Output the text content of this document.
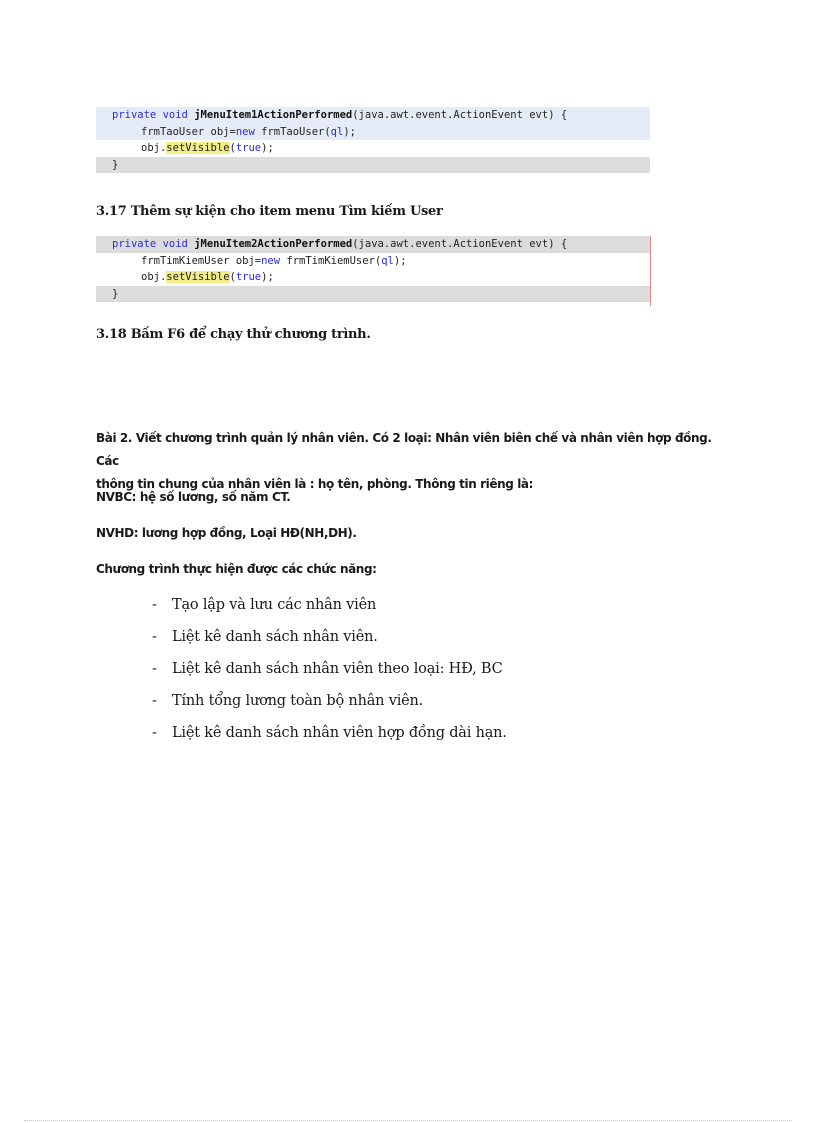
private void jMenuItem1ActionPerformed(java.awt.event.ActionEvent evt) {
frmTaoUser obj=new frmTaoUser(ql);
obj.setVisible(true);
}
3.17 Thêm sự kiện cho item menu Tìm kiếm User
private void jMenuItem2ActionPerformed(java.awt.event.ActionEvent evt) {
frmTimKiemUser obj=new frmTimKiemUser(ql);
obj.setVisible(true);
}
3.18 Bấm F6 để chạy thử chương trình.
Bài 2. Viết chương trình quản lý nhân viên. Có 2 loại: Nhân viên biên chế và nhân viên hợp đồng. Các
thông tin chung của nhân viên là : họ tên, phòng. Thông tin riêng là:
NVBC: hệ số lương, số năm CT.
NVHD: lương hợp đồng, Loại HĐ(NH,DH).
Chương trình thực hiện được các chức năng:
-	Tạo lập và lưu các nhân viên
-	Liệt kê danh sách nhân viên.
-	Liệt kê danh sách nhân viên theo loại: HĐ, BC
-	Tính tổng lương toàn bộ nhân viên.
-	Liệt kê danh sách nhân viên hợp đồng dài hạn.
